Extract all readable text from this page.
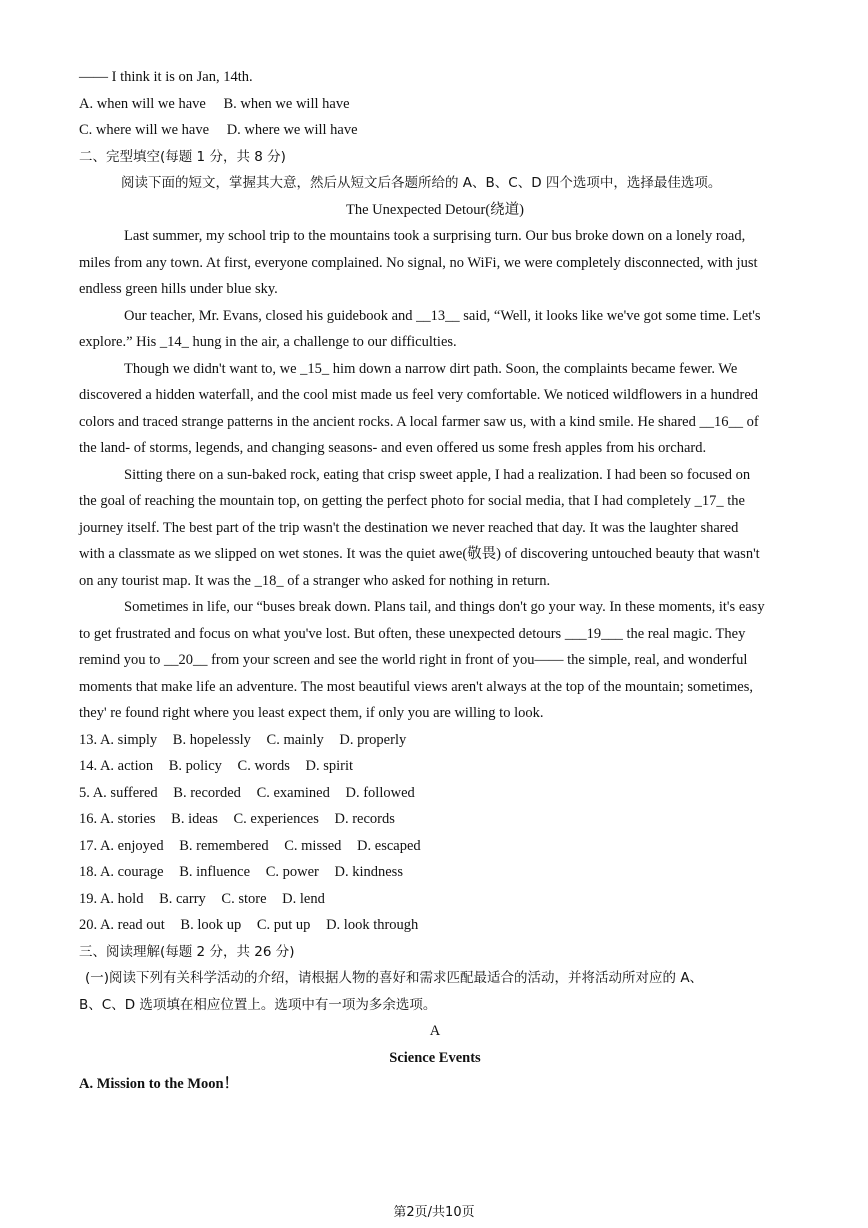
—— I think it is on Jan, 14th.
A. when will we have B. when we will have
C. where will we have D. where we will have
二、完型填空(每题 1 分，共 8 分)
阅读下面的短文，掌握其大意，然后从短文后各题所给的 A、B、C、D 四个选项中，选择最佳选项。
The Unexpected Detour(绕道)
Last summer, my school trip to the mountains took a surprising turn. Our bus broke down on a lonely road,
miles from any town. At first, everyone complained. No signal, no WiFi, we were completely disconnected, with just
endless green hills under blue sky.
Our teacher, Mr. Evans, closed his guidebook and __13__ said, “Well, it looks like we've got some time. Let's
explore.” His _14_ hung in the air, a challenge to our difficulties.
Though we didn't want to, we _15_ him down a narrow dirt path. Soon, the complaints became fewer. We
discovered a hidden waterfall, and the cool mist made us feel very comfortable. We noticed wildflowers in a hundred
colors and traced strange patterns in the ancient rocks. A local farmer saw us, with a kind smile. He shared __16__ of
the land- of storms, legends, and changing seasons- and even offered us some fresh apples from his orchard.
Sitting there on a sun-baked rock, eating that crisp sweet apple, I had a realization. I had been so focused on
the goal of reaching the mountain top, on getting the perfect photo for social media, that I had completely _17_ the
journey itself. The best part of the trip wasn't the destination we never reached that day. It was the laughter shared
with a classmate as we slipped on wet stones. It was the quiet awe(敬畏) of discovering untouched beauty that wasn't
on any tourist map. It was the _18_ of a stranger who asked for nothing in return.
Sometimes in life, our “buses break down. Plans tail, and things don't go your way. In these moments, it's easy
to get frustrated and focus on what you've lost. But often, these unexpected detours ___19___ the real magic. They
remind you to __20__ from your screen and see the world right in front of you—— the simple, real, and wonderful
moments that make life an adventure. The most beautiful views aren't always at the top of the mountain; sometimes,
they' re found right where you least expect them, if only you are willing to look.
13. A. simply B. hopelessly C. mainly D. properly
14. A. action B. policy C. words D. spirit
5. A. suffered B. recorded C. examined D. followed
16. A. stories B. ideas C. experiences D. records
17. A. enjoyed B. remembered C. missed D. escaped
18. A. courage B. influence C. power D. kindness
19. A. hold B. carry C. store D. lend
20. A. read out B. look up C. put up D. look through
三、阅读理解(每题 2 分，共 26 分)
(一)阅读下列有关科学活动的介绍，请根据人物的喜好和需求匹配最适合的活动，并将活动所对应的 A、
B、C、D 选项填在相应位置上。选项中有一项为多余选项。
A
Science Events
A. Mission to the Moon！
第2页/共10页
